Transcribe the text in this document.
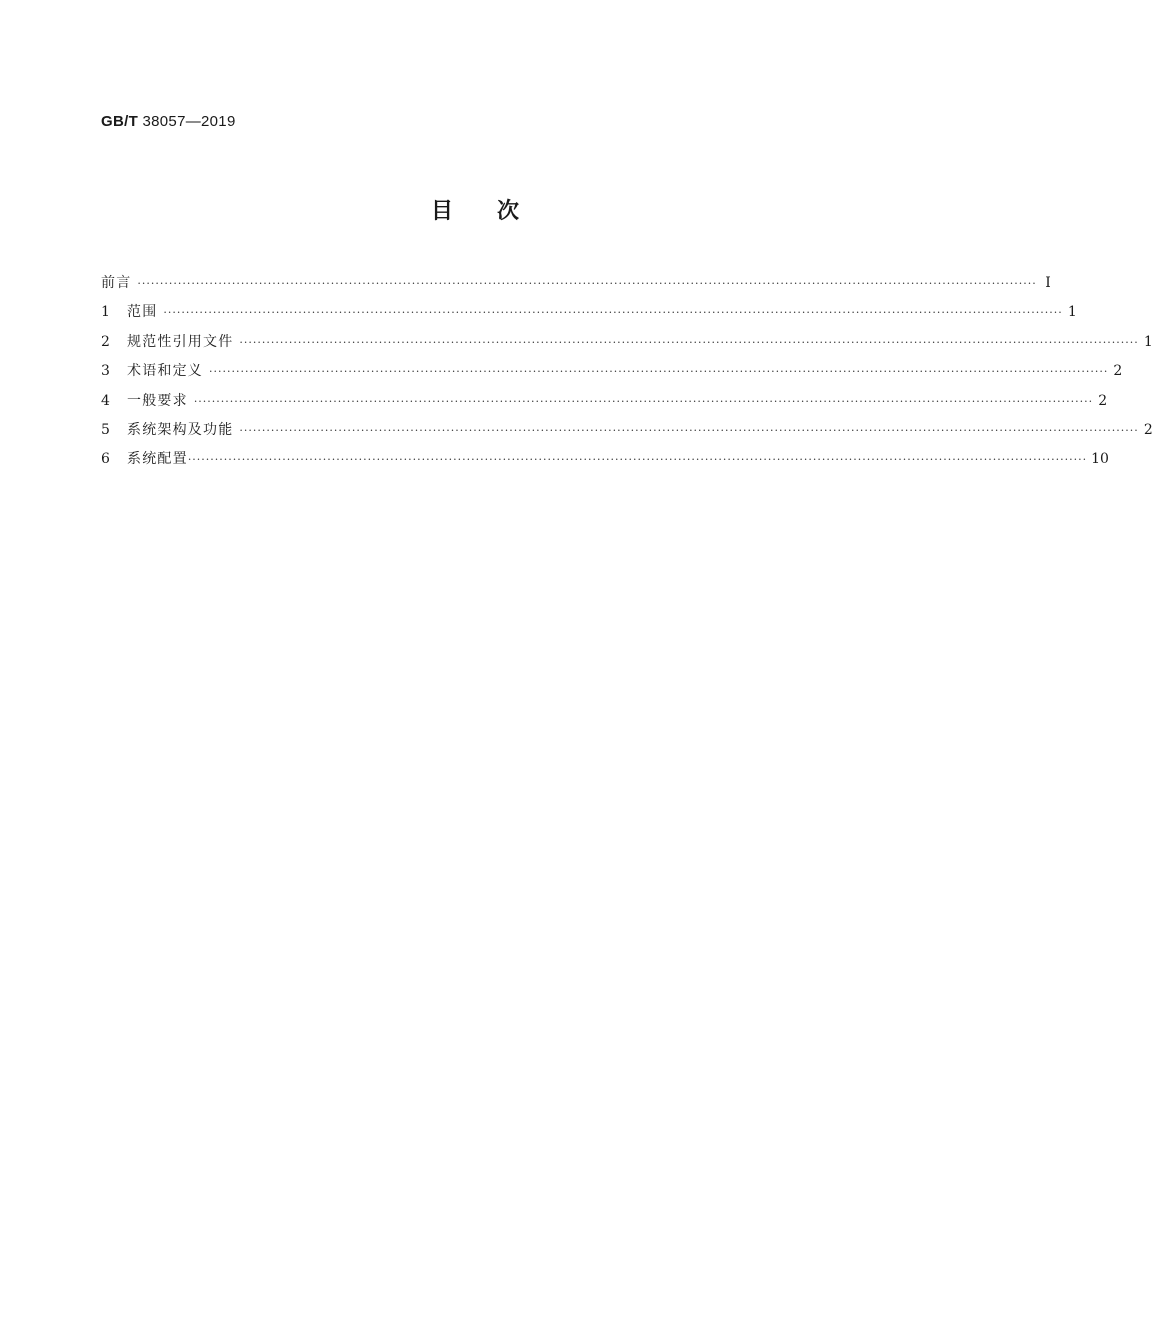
GB/T 38057—2019
目 次
前言 ········································································································································································································ Ⅰ
1	范围 ········································································································································································································ 1
2	规范性引用文件 ········································································································································································································ 1
3	术语和定义 ········································································································································································································ 2
4	一般要求 ········································································································································································································ 2
5	系统架构及功能 ········································································································································································································ 2
6	系统配置 ········································································································································································································ 10
